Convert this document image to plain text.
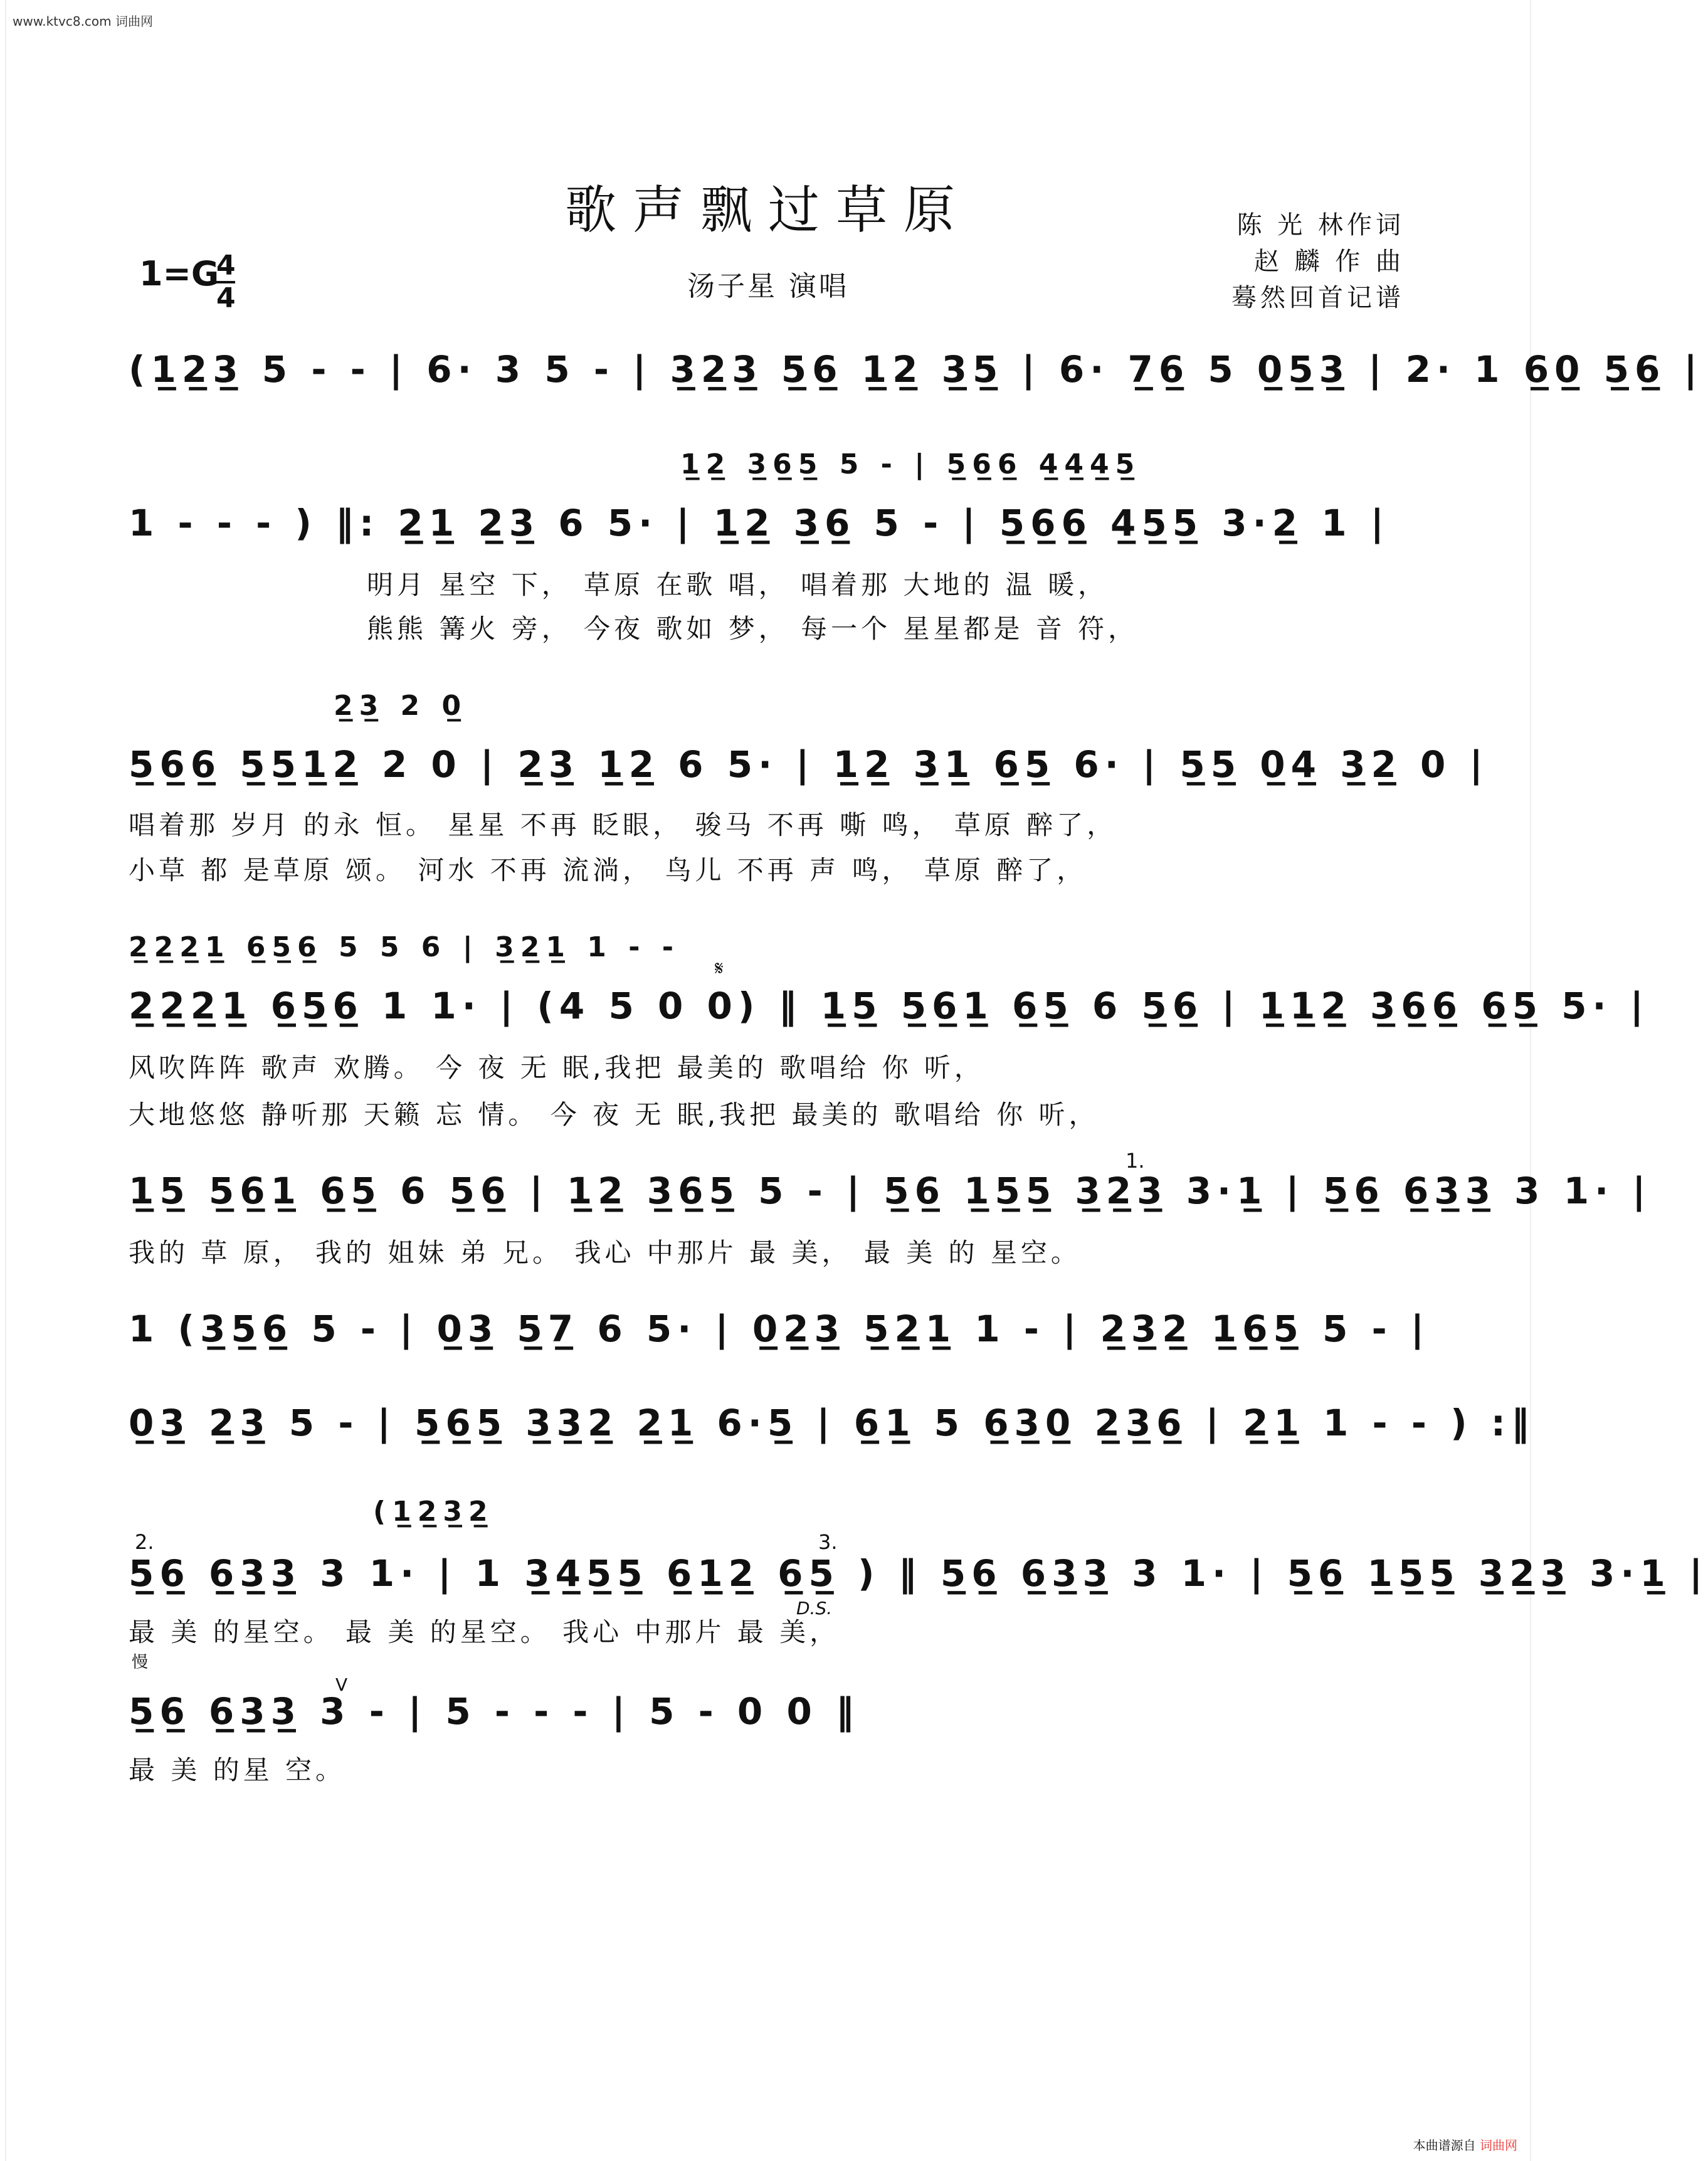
www.ktvc8.com 词曲网
歌声飘过草原	陈 光 林作词
赵 麟 作 曲
蓦然回首记谱
1=G
4
4	汤子星 演唱
(1̲2̲3̲ 5 - - | 6· 3 5 - | 3̲2̲3̲ 5̲6̲ 1̲2̲ 3̲5̲ | 6· 7̲6̲ 5 0̲5̲3̲ | 2· 1 6̲0̲ 5̲6̲ |
1̲2̲ 3̲6̲5̲ 5 - | 5̲6̲6̲ 4̲4̲4̲5̲
1 - - - ) ‖: 2̲1̲ 2̲3̲ 6 5· | 1̲2̲ 3̲6̲ 5 - | 5̲6̲6̲ 4̲5̲5̲ 3·2̲ 1 |
明月 星空 下， 草原 在歌 唱， 唱着那 大地的 温 暖，
熊熊 篝火 旁， 今夜 歌如 梦， 每一个 星星都是 音 符，
2̲3̲ 2 0̲
5̲6̲6̲ 5̲5̲1̲2̲ 2 0 | 2̲3̲ 1̲2̲ 6 5· | 1̲2̲ 3̲1̲ 6̲5̲ 6· | 5̲5̲ 0̲4̲ 3̲2̲ 0 |
唱着那 岁月 的永 恒。 星星 不再 眨眼， 骏马 不再 嘶 鸣， 草原 醉了，
小草 都 是草原 颂。 河水 不再 流淌， 鸟儿 不再 声 鸣， 草原 醉了，
2̲2̲2̲1̲ 6̲5̲6̲ 5 5 6 | 3̲2̲1̲ 1 - -
𝄋
2̲2̲2̲1̲ 6̲5̲6̲ 1 1· | (4 5 0 0) ‖ 1̲5̲ 5̲6̲1̲ 6̲5̲ 6 5̲6̲ | 1̲1̲2̲ 3̲6̲6̲ 6̲5̲ 5· |
风吹阵阵 歌声 欢腾。 今 夜 无 眠,我把 最美的 歌唱给 你 听，
大地悠悠 静听那 天籁 忘 情。 今 夜 无 眠,我把 最美的 歌唱给 你 听，
1.
1̲5̲ 5̲6̲1̲ 6̲5̲ 6 5̲6̲ | 1̲2̲ 3̲6̲5̲ 5 - | 5̲6̲ 1̲5̲5̲ 3̲2̲3̲ 3·1̲ | 5̲6̲ 6̲3̲3̲ 3 1· |
我的 草 原， 我的 姐妹 弟 兄。 我心 中那片 最 美， 最 美 的 星空。
1 (3̲5̲6̲ 5 - | 0̲3̲ 5̲7̲ 6 5· | 0̲2̲3̲ 5̲2̲1̲ 1 - | 2̲3̲2̲ 1̲6̲5̲ 5 - |
0̲3̲ 2̲3̲ 5 - | 5̲6̲5̲ 3̲3̲2̲ 2̲1̲ 6·5̲ | 6̲1̲ 5 6̲3̲0̲ 2̲3̲6̲ | 2̲1̲ 1 - - ) :‖
(1̲2̲3̲2̲
2.	3.
5̲6̲ 6̲3̲3̲ 3 1· | 1 3̲4̲5̲5̲ 6̲1̲2̲ 6̲5̲ ) ‖ 5̲6̲ 6̲3̲3̲ 3 1· | 5̲6̲ 1̲5̲5̲ 3̲2̲3̲ 3·1̲ |
D.S.
最 美 的星空。 最 美 的星空。 我心 中那片 最 美，
慢
V
5̲6̲ 6̲3̲3̲ 3 - | 5 - - - | 5 - 0 0 ‖
最 美 的星 空。
本曲谱源自 词曲网
